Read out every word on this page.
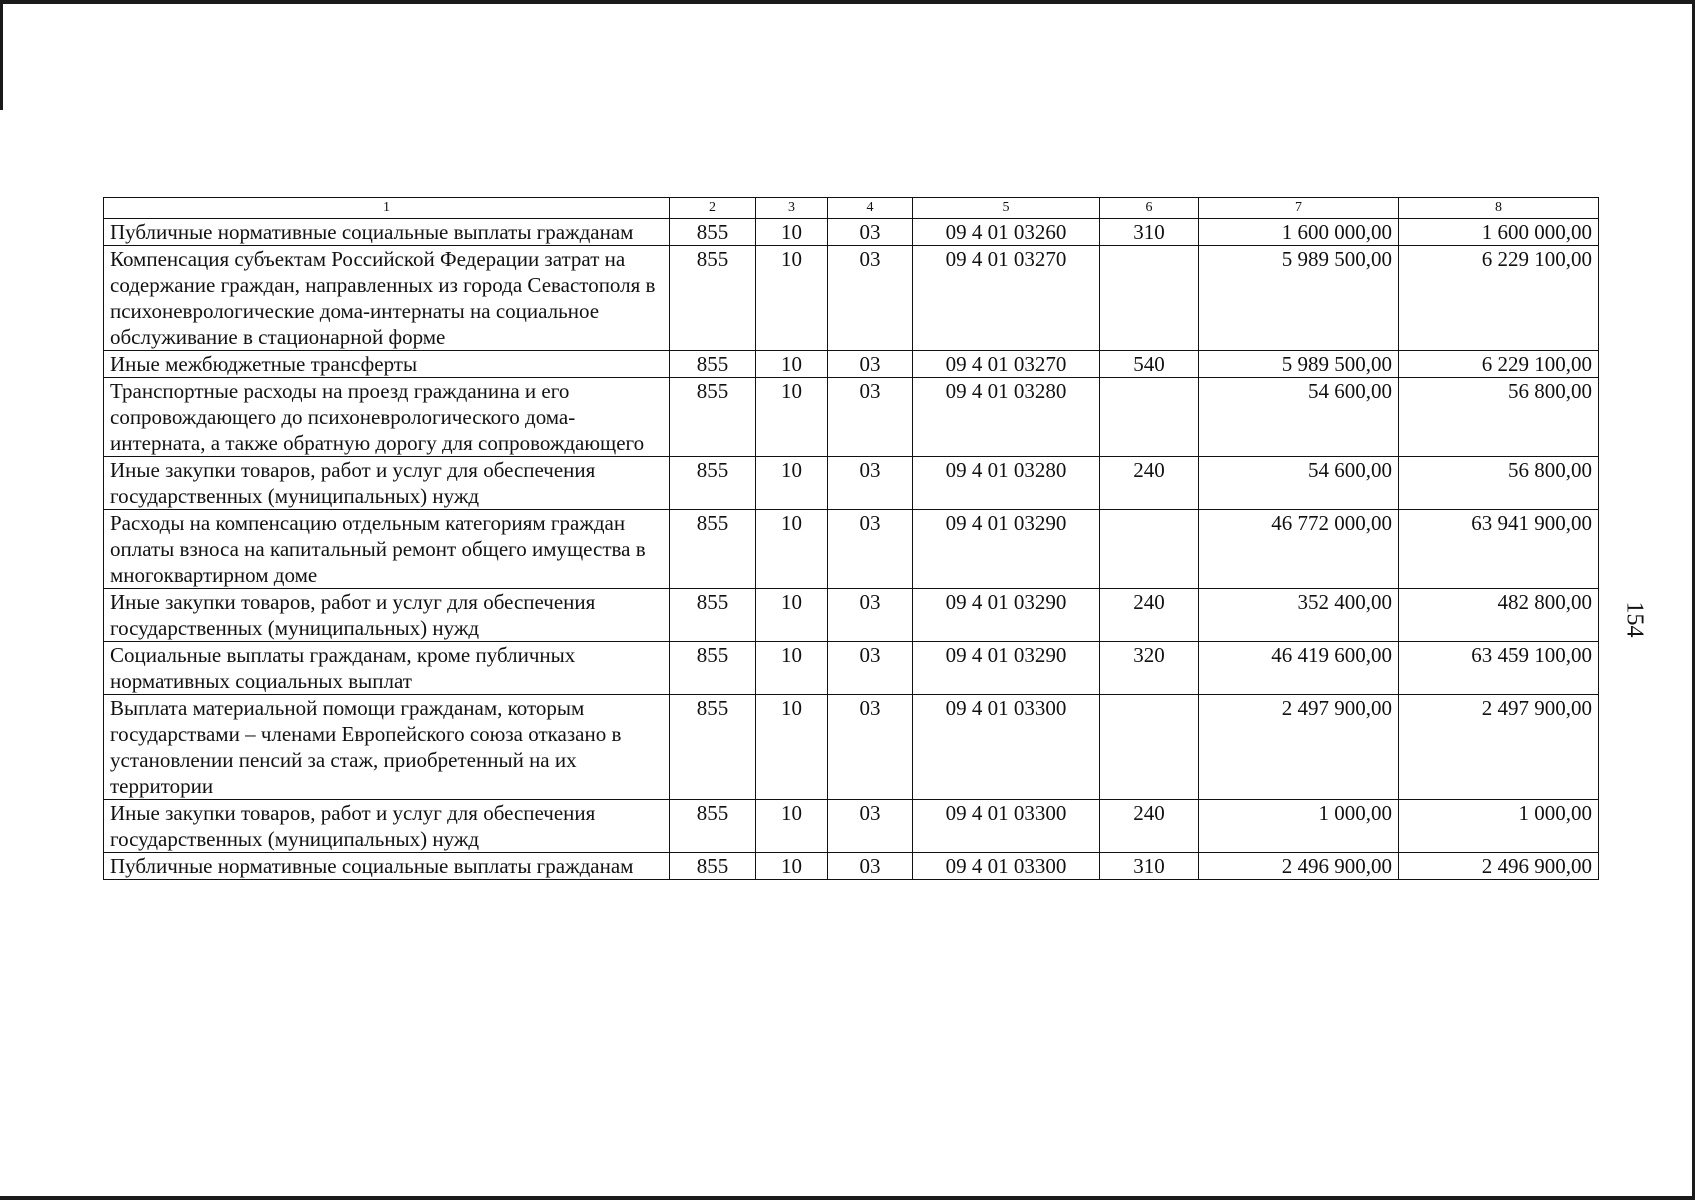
154
1	2	3	4	5	6	7	8
Публичные нормативные социальные выплаты гражданам	855	10	03	09 4 01 03260	310	1 600 000,00	1 600 000,00
Компенсация субъектам Российской Федерации затрат на содержание граждан, направленных из города Севастополя в психоневрологические дома-интернаты на социальное обслуживание в стационарной форме	855	10	03	09 4 01 03270		5 989 500,00	6 229 100,00
Иные межбюджетные трансферты	855	10	03	09 4 01 03270	540	5 989 500,00	6 229 100,00
Транспортные расходы на проезд гражданина и его сопровождающего до психоневрологического дома-интерната, а также обратную дорогу для сопровождающего	855	10	03	09 4 01 03280		54 600,00	56 800,00
Иные закупки товаров, работ и услуг для обеспечения государственных (муниципальных) нужд	855	10	03	09 4 01 03280	240	54 600,00	56 800,00
Расходы на компенсацию отдельным категориям граждан оплаты взноса на капитальный ремонт общего имущества в многоквартирном доме	855	10	03	09 4 01 03290		46 772 000,00	63 941 900,00
Иные закупки товаров, работ и услуг для обеспечения государственных (муниципальных) нужд	855	10	03	09 4 01 03290	240	352 400,00	482 800,00
Социальные выплаты гражданам, кроме публичных нормативных социальных выплат	855	10	03	09 4 01 03290	320	46 419 600,00	63 459 100,00
Выплата материальной помощи гражданам, которым государствами – членами Европейского союза отказано в установлении пенсий за стаж, приобретенный на их территории	855	10	03	09 4 01 03300		2 497 900,00	2 497 900,00
Иные закупки товаров, работ и услуг для обеспечения государственных (муниципальных) нужд	855	10	03	09 4 01 03300	240	1 000,00	1 000,00
Публичные нормативные социальные выплаты гражданам	855	10	03	09 4 01 03300	310	2 496 900,00	2 496 900,00
